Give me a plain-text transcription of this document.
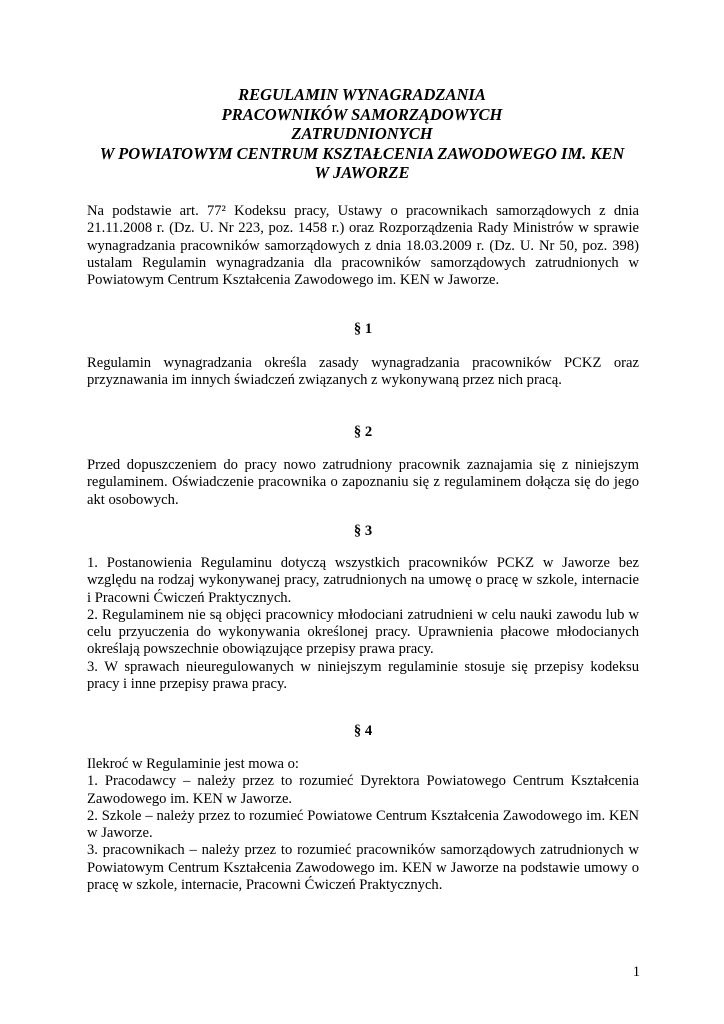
REGULAMIN WYNAGRADZANIA
PRACOWNIKÓW SAMORZĄDOWYCH
ZATRUDNIONYCH
W POWIATOWYM CENTRUM KSZTAŁCENIA ZAWODOWEGO IM. KEN
W JAWORZE
Na podstawie art. 77² Kodeksu pracy, Ustawy o pracownikach samorządowych z dnia
21.11.2008 r. (Dz. U. Nr 223, poz. 1458 r.) oraz Rozporządzenia Rady Ministrów w sprawie
wynagradzania pracowników samorządowych z dnia 18.03.2009 r. (Dz. U. Nr 50, poz. 398)
ustalam Regulamin wynagradzania dla pracowników samorządowych zatrudnionych w
Powiatowym Centrum Kształcenia Zawodowego im. KEN w Jaworze.
§ 1
Regulamin wynagradzania określa zasady wynagradzania pracowników PCKZ oraz
przyznawania im innych świadczeń związanych z wykonywaną przez nich pracą.
§ 2
Przed dopuszczeniem do pracy nowo zatrudniony pracownik zaznajamia się z niniejszym
regulaminem. Oświadczenie pracownika o zapoznaniu się z regulaminem dołącza się do jego
akt osobowych.
§ 3
1. Postanowienia Regulaminu dotyczą wszystkich pracowników PCKZ w Jaworze bez
względu na rodzaj wykonywanej pracy, zatrudnionych na umowę o pracę w szkole, internacie
i Pracowni Ćwiczeń Praktycznych.
2. Regulaminem nie są objęci pracownicy młodociani zatrudnieni w celu nauki zawodu lub w
celu przyuczenia do wykonywania określonej pracy. Uprawnienia płacowe młodocianych
określają powszechnie obowiązujące przepisy prawa pracy.
3. W sprawach nieuregulowanych w niniejszym regulaminie stosuje się przepisy kodeksu
pracy i inne przepisy prawa pracy.
§ 4
Ilekroć w Regulaminie jest mowa o:
1. Pracodawcy – należy przez to rozumieć Dyrektora Powiatowego Centrum Kształcenia
Zawodowego im. KEN w Jaworze.
2. Szkole – należy przez to rozumieć Powiatowe Centrum Kształcenia Zawodowego im. KEN
w Jaworze.
3. pracownikach – należy przez to rozumieć pracowników samorządowych zatrudnionych w
Powiatowym Centrum Kształcenia Zawodowego im. KEN w Jaworze na podstawie umowy o
pracę w szkole, internacie, Pracowni Ćwiczeń Praktycznych.
1
